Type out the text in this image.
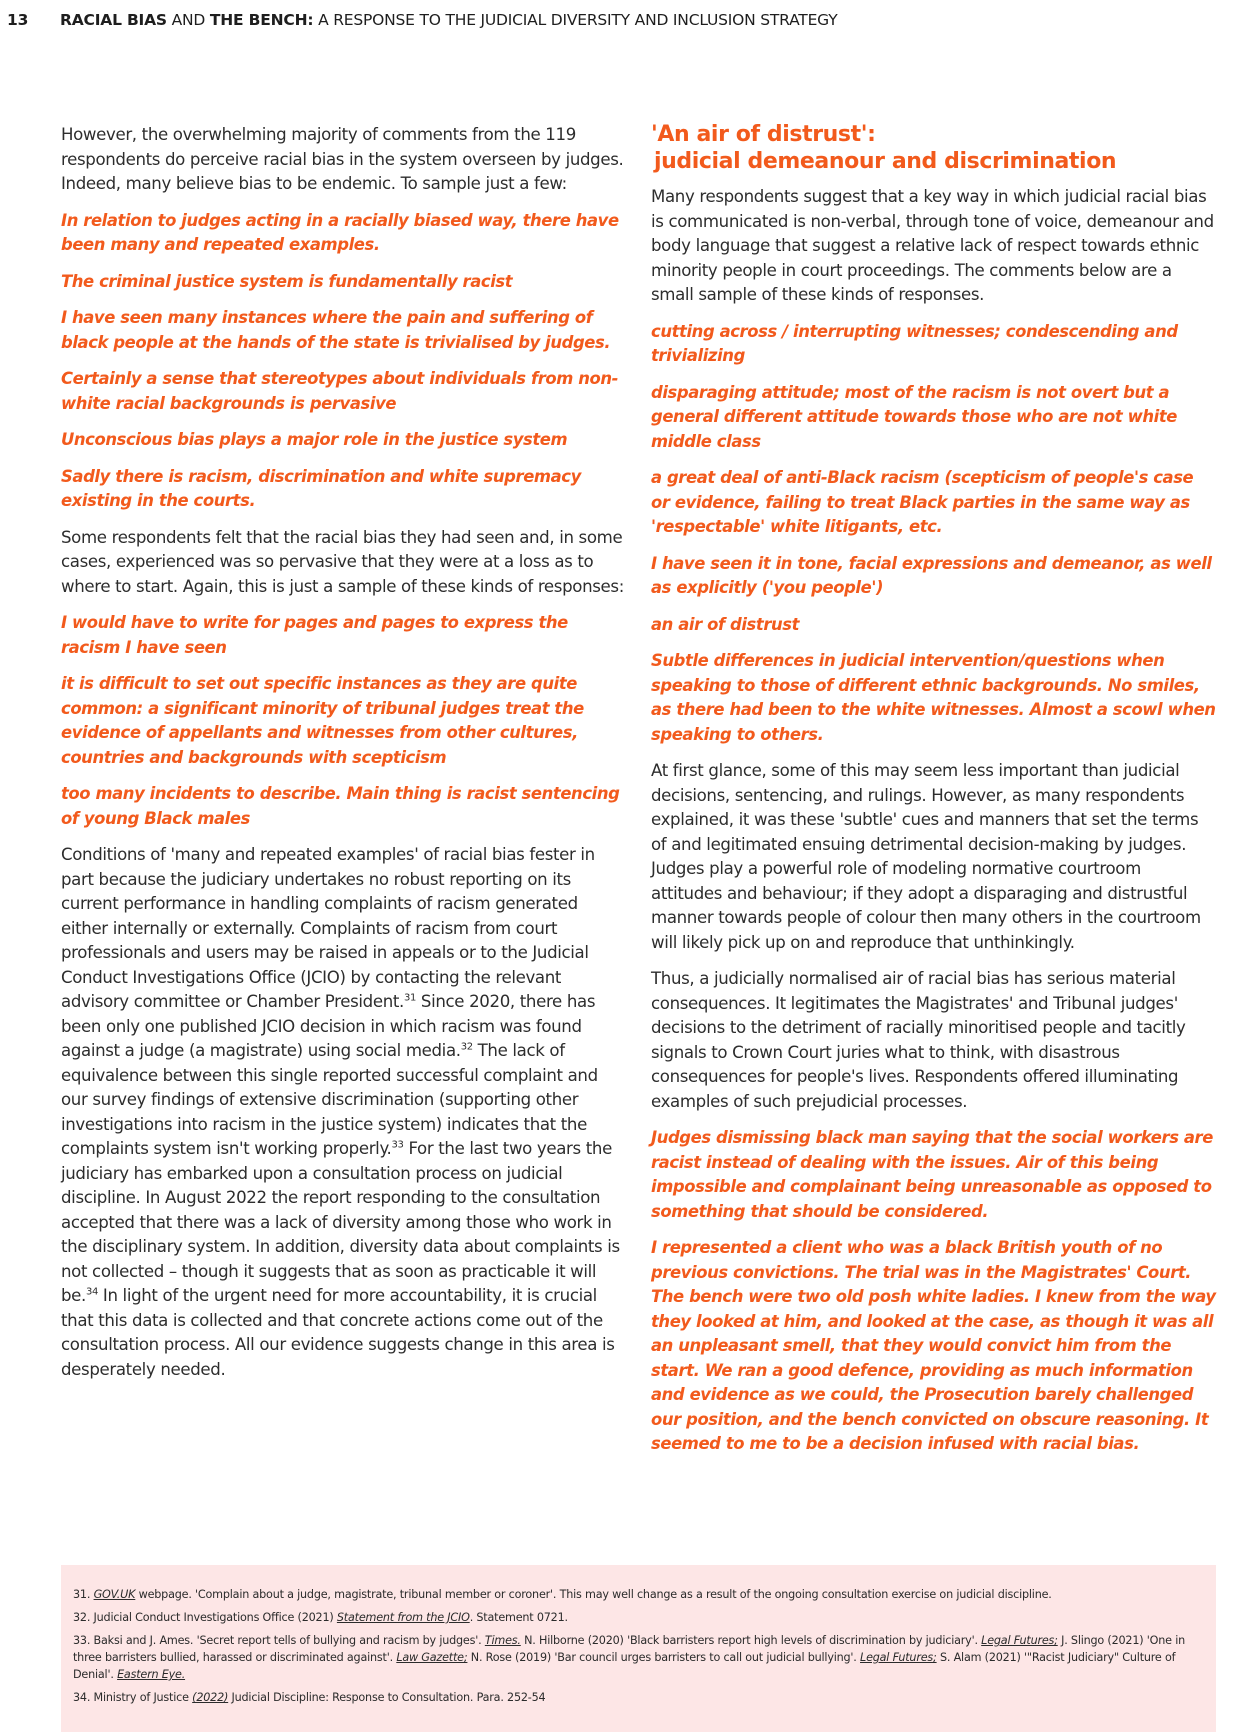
13	RACIAL BIAS AND THE BENCH: A RESPONSE TO THE JUDICIAL DIVERSITY AND INCLUSION STRATEGY

However, the overwhelming majority of comments from the 119 respondents do perceive racial bias in the system overseen by judges. Indeed, many believe bias to be endemic. To sample just a few:

In relation to judges acting in a racially biased way, there have been many and repeated examples.

The criminal justice system is fundamentally racist

I have seen many instances where the pain and suffering of black people at the hands of the state is trivialised by judges.

Certainly a sense that stereotypes about individuals from non-white racial backgrounds is pervasive

Unconscious bias plays a major role in the justice system

Sadly there is racism, discrimination and white supremacy existing in the courts.

Some respondents felt that the racial bias they had seen and, in some cases, experienced was so pervasive that they were at a loss as to where to start. Again, this is just a sample of these kinds of responses:

I would have to write for pages and pages to express the racism I have seen

it is difficult to set out specific instances as they are quite common: a significant minority of tribunal judges treat the evidence of appellants and witnesses from other cultures, countries and backgrounds with scepticism

too many incidents to describe. Main thing is racist sentencing of young Black males

Conditions of 'many and repeated examples' of racial bias fester in part because the judiciary undertakes no robust reporting on its current performance in handling complaints of racism generated either internally or externally. Complaints of racism from court professionals and users may be raised in appeals or to the Judicial Conduct Investigations Office (JCIO) by contacting the relevant advisory committee or Chamber President.$^{31}$ Since 2020, there has been only one published JCIO decision in which racism was found against a judge (a magistrate) using social media.$^{32}$ The lack of equivalence between this single reported successful complaint and our survey findings of extensive discrimination (supporting other investigations into racism in the justice system) indicates that the complaints system isn't working properly.$^{33}$ For the last two years the judiciary has embarked upon a consultation process on judicial discipline. In August 2022 the report responding to the consultation accepted that there was a lack of diversity among those who work in the disciplinary system. In addition, diversity data about complaints is not collected – though it suggests that as soon as practicable it will be.$^{34}$ In light of the urgent need for more accountability, it is crucial that this data is collected and that concrete actions come out of the consultation process. All our evidence suggests change in this area is desperately needed.

'An air of distrust':
judicial demeanour and discrimination

Many respondents suggest that a key way in which judicial racial bias is communicated is non-verbal, through tone of voice, demeanour and body language that suggest a relative lack of respect towards ethnic minority people in court proceedings. The comments below are a small sample of these kinds of responses.

cutting across / interrupting witnesses; condescending and trivializing

disparaging attitude; most of the racism is not overt but a general different attitude towards those who are not white middle class

a great deal of anti-Black racism (scepticism of people's case or evidence, failing to treat Black parties in the same way as 'respectable' white litigants, etc.

I have seen it in tone, facial expressions and demeanor, as well as explicitly ('you people')

an air of distrust

Subtle differences in judicial intervention/questions when speaking to those of different ethnic backgrounds. No smiles, as there had been to the white witnesses. Almost a scowl when speaking to others.

At first glance, some of this may seem less important than judicial decisions, sentencing, and rulings. However, as many respondents explained, it was these 'subtle' cues and manners that set the terms of and legitimated ensuing detrimental decision-making by judges. Judges play a powerful role of modeling normative courtroom attitudes and behaviour; if they adopt a disparaging and distrustful manner towards people of colour then many others in the courtroom will likely pick up on and reproduce that unthinkingly.

Thus, a judicially normalised air of racial bias has serious material consequences. It legitimates the Magistrates' and Tribunal judges' decisions to the detriment of racially minoritised people and tacitly signals to Crown Court juries what to think, with disastrous consequences for people's lives. Respondents offered illuminating examples of such prejudicial processes.

Judges dismissing black man saying that the social workers are racist instead of dealing with the issues. Air of this being impossible and complainant being unreasonable as opposed to something that should be considered.

I represented a client who was a black British youth of no previous convictions. The trial was in the Magistrates' Court. The bench were two old posh white ladies. I knew from the way they looked at him, and looked at the case, as though it was all an unpleasant smell, that they would convict him from the start. We ran a good defence, providing as much information and evidence as we could, the Prosecution barely challenged our position, and the bench convicted on obscure reasoning. It seemed to me to be a decision infused with racial bias.

31. GOV.UK webpage. 'Complain about a judge, magistrate, tribunal member or coroner'. This may well change as a result of the ongoing consultation exercise on judicial discipline.

32. Judicial Conduct Investigations Office (2021) Statement from the JCIO. Statement 0721.

33. Baksi and J. Ames. 'Secret report tells of bullying and racism by judges'. Times. N. Hilborne (2020) 'Black barristers report high levels of discrimination by judiciary'. Legal Futures; J. Slingo (2021) 'One in three barristers bullied, harassed or discriminated against'. Law Gazette; N. Rose (2019) 'Bar council urges barristers to call out judicial bullying'. Legal Futures; S. Alam (2021) '"Racist Judiciary" Culture of Denial'. Eastern Eye.

34. Ministry of Justice (2022) Judicial Discipline: Response to Consultation. Para. 252-54
